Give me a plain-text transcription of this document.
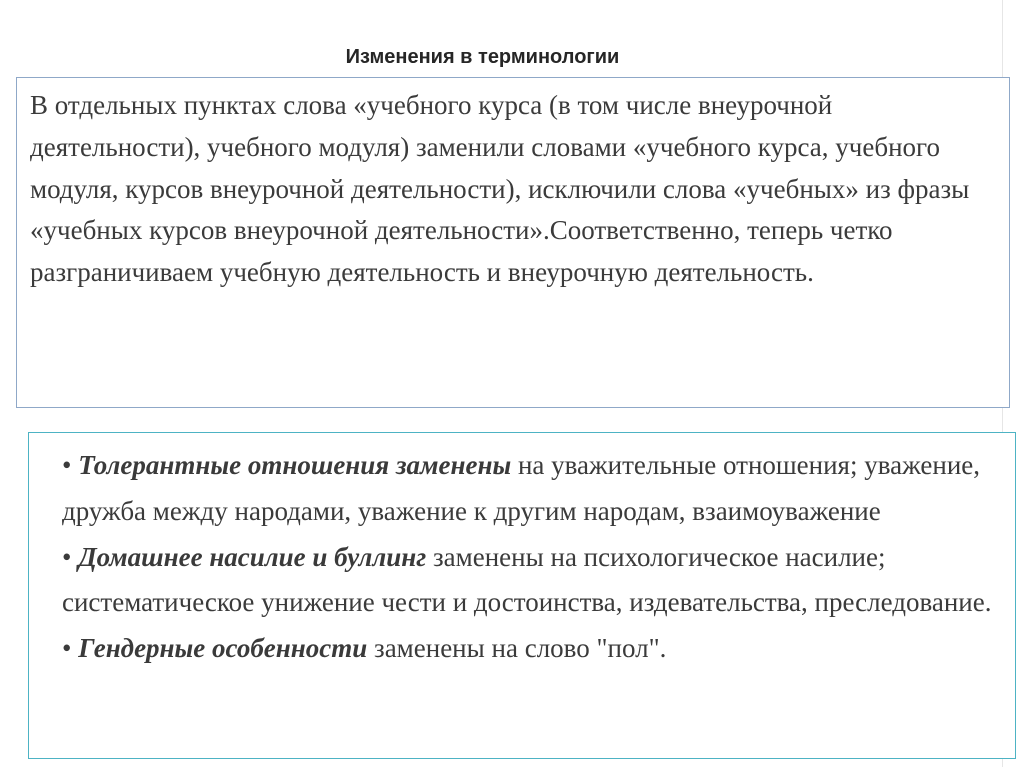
Изменения в терминологии

В отдельных пунктах слова «учебного курса (в том числе внеурочной деятельности), учебного модуля) заменили словами «учебного курса, учебного модуля, курсов внеурочной деятельности), исключили слова «учебных» из фразы «учебных курсов внеурочной деятельности».Соответственно, теперь четко разграничиваем учебную деятельность и внеурочную деятельность.

• Толерантные отношения заменены на уважительные отношения; уважение, дружба между народами, уважение к другим народам, взаимоуважение
• Домашнее насилие и буллинг заменены на психологическое насилие; систематическое унижение чести и достоинства, издевательства, преследование.
• Гендерные особенности заменены на слово "пол".
